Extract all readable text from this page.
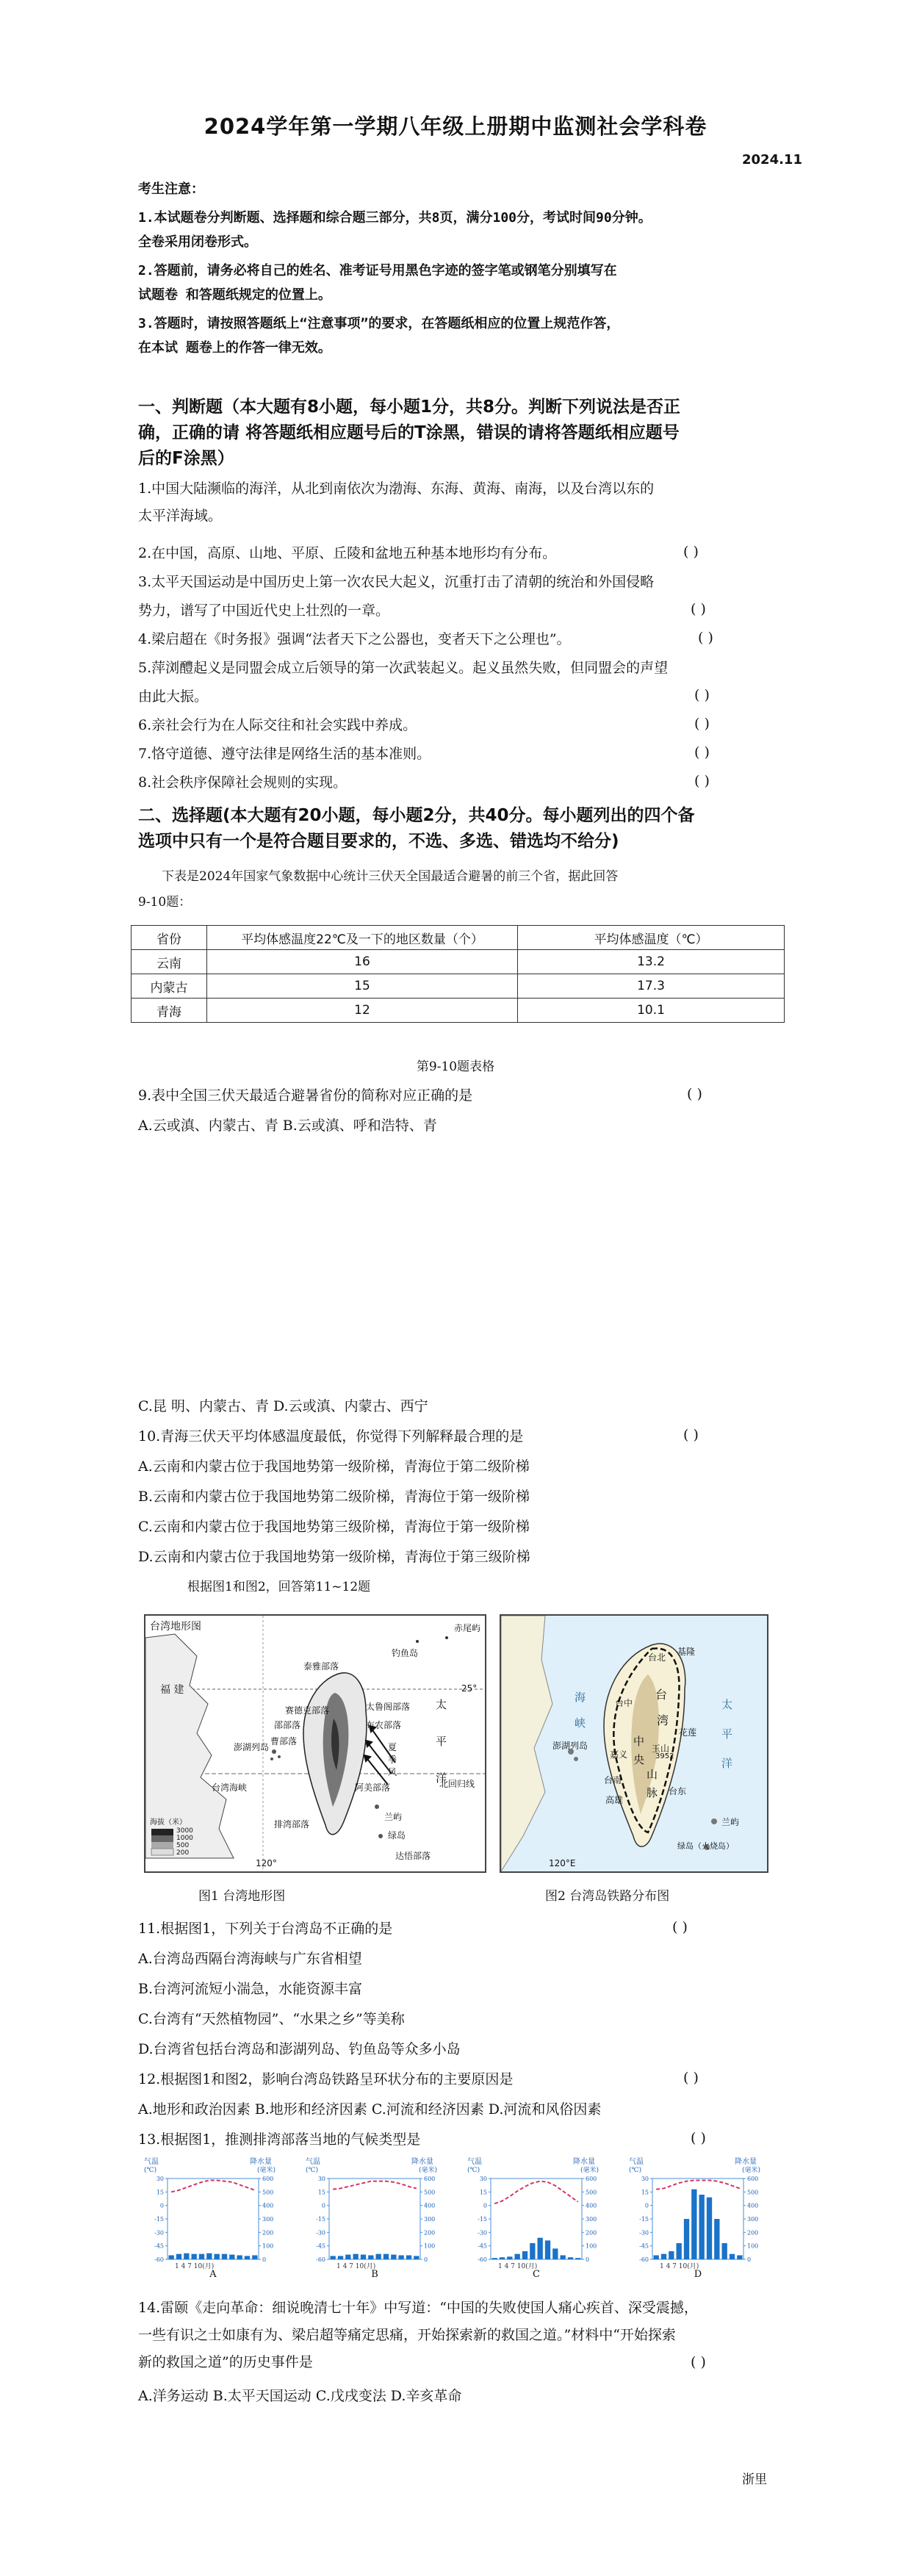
2024学年第一学期八年级上册期中监测社会学科卷
2024.11
考生注意：
1.本试题卷分判断题、选择题和综合题三部分，共8页，满分100分，考试时间90分钟。
全卷采用闭卷形式。
2.答题前，请务必将自己的姓名、准考证号用黑色字迹的签字笔或钢笔分别填写在
试题卷 和答题纸规定的位置上。
3.答题时，请按照答题纸上“注意事项”的要求，在答题纸相应的位置上规范作答，
在本试 题卷上的作答一律无效。
一、判断题（本大题有8小题，每小题1分，共8分。判断下列说法是否正
确，正确的请 将答题纸相应题号后的T涂黑，错误的请将答题纸相应题号
后的F涂黑）
1.中国大陆濒临的海洋，从北到南依次为渤海、东海、黄海、南海，以及台湾以东的
太平洋海域。
2.在中国，高原、山地、平原、丘陵和盆地五种基本地形均有分布。	( )
3.太平天国运动是中国历史上第一次农民大起义，沉重打击了清朝的统治和外国侵略
势力，谱写了中国近代史上壮烈的一章。	( )
4.梁启超在《时务报》强调“法者天下之公器也，变者天下之公理也”。	( )
5.萍浏醴起义是同盟会成立后领导的第一次武装起义。起义虽然失败，但同盟会的声望
由此大振。	( )
6.亲社会行为在人际交往和社会实践中养成。	( )
7.恪守道德、遵守法律是网络生活的基本准则。	( )
8.社会秩序保障社会规则的实现。	( )
二、选择题(本大题有20小题，每小题2分，共40分。每小题列出的四个备
选项中只有一个是符合题目要求的，不选、多选、错选均不给分)
下表是2024年国家气象数据中心统计三伏天全国最适合避暑的前三个省，据此回答
9-10题：
省份	平均体感温度22℃及一下的地区数量（个）	平均体感温度（℃）
云南	16	13.2
内蒙古	15	17.3
青海	12	10.1
第9-10题表格
9.表中全国三伏天最适合避暑省份的简称对应正确的是	( )
A.云或滇、内蒙古、青 B.云或滇、呼和浩特、青
C.昆 明、内蒙古、青 D.云或滇、内蒙古、西宁
10.青海三伏天平均体感温度最低，你觉得下列解释最合理的是	( )
A.云南和内蒙古位于我国地势第一级阶梯，青海位于第二级阶梯
B.云南和内蒙古位于我国地势第二级阶梯，青海位于第一级阶梯
C.云南和内蒙古位于我国地势第三级阶梯，青海位于第一级阶梯
D.云南和内蒙古位于我国地势第一级阶梯，青海位于第三级阶梯
根据图1和图2，回答第11~12题
台湾地形图
福 建
钓鱼岛
赤尾屿
泰雅部落
太鲁阁部落
赛德克部落
布农部落
邵部落
曹部落
阿美部落
排湾部落
达悟部落
夏季风
太
平
洋
澎湖列岛
台湾海峡	北回归线
兰屿
绿岛
25°
120°
海拔（米）
3000
1000
500
200
台北
基隆
台中
澎湖列岛
嘉义
台南
高雄
花莲
台东
台
湾
中
央
山
脉
玉山
3952
兰屿
绿岛（火烧岛）
太
平
洋
海
峡
120°E
图1 台湾地形图	图2 台湾岛铁路分布图
11.根据图1，下列关于台湾岛不正确的是	( )
A.台湾岛西隔台湾海峡与广东省相望
B.台湾河流短小湍急，水能资源丰富
C.台湾有“天然植物园”、“水果之乡”等美称
D.台湾省包括台湾岛和澎湖列岛、钓鱼岛等众多小岛
12.根据图1和图2，影响台湾岛铁路呈环状分布的主要原因是	( )
A.地形和政治因素 B.地形和经济因素 C.河流和经济因素 D.河流和风俗因素
13.根据图1，推测排湾部落当地的气候类型是	( )
气温
(℃)
降水量
(毫米)
-60
-45
-30
-15
0
15
30
0
100
200
300
400
500
600
1 4 7 10(月)
A
气温
(℃)
降水量
(毫米)
-60
-45
-30
-15
0
15
30
0
100
200
300
400
500
600
1 4 7 10(月)
B
气温
(℃)
降水量
(毫米)
-60
-45
-30
-15
0
15
30
0
100
200
300
400
500
600
1 4 7 10(月)
C
气温
(℃)
降水量
(毫米)
-60
-45
-30
-15
0
15
30
0
100
200
300
400
500
600
1 4 7 10(月)
D
14.雷颐《走向革命：细说晚清七十年》中写道：“中国的失败使国人痛心疾首、深受震撼，
一些有识之士如康有为、梁启超等痛定思痛，开始探索新的救国之道。”材料中“开始探索
新的救国之道”的历史事件是	( )
A.洋务运动 B.太平天国运动 C.戊戌变法 D.辛亥革命
浙里
